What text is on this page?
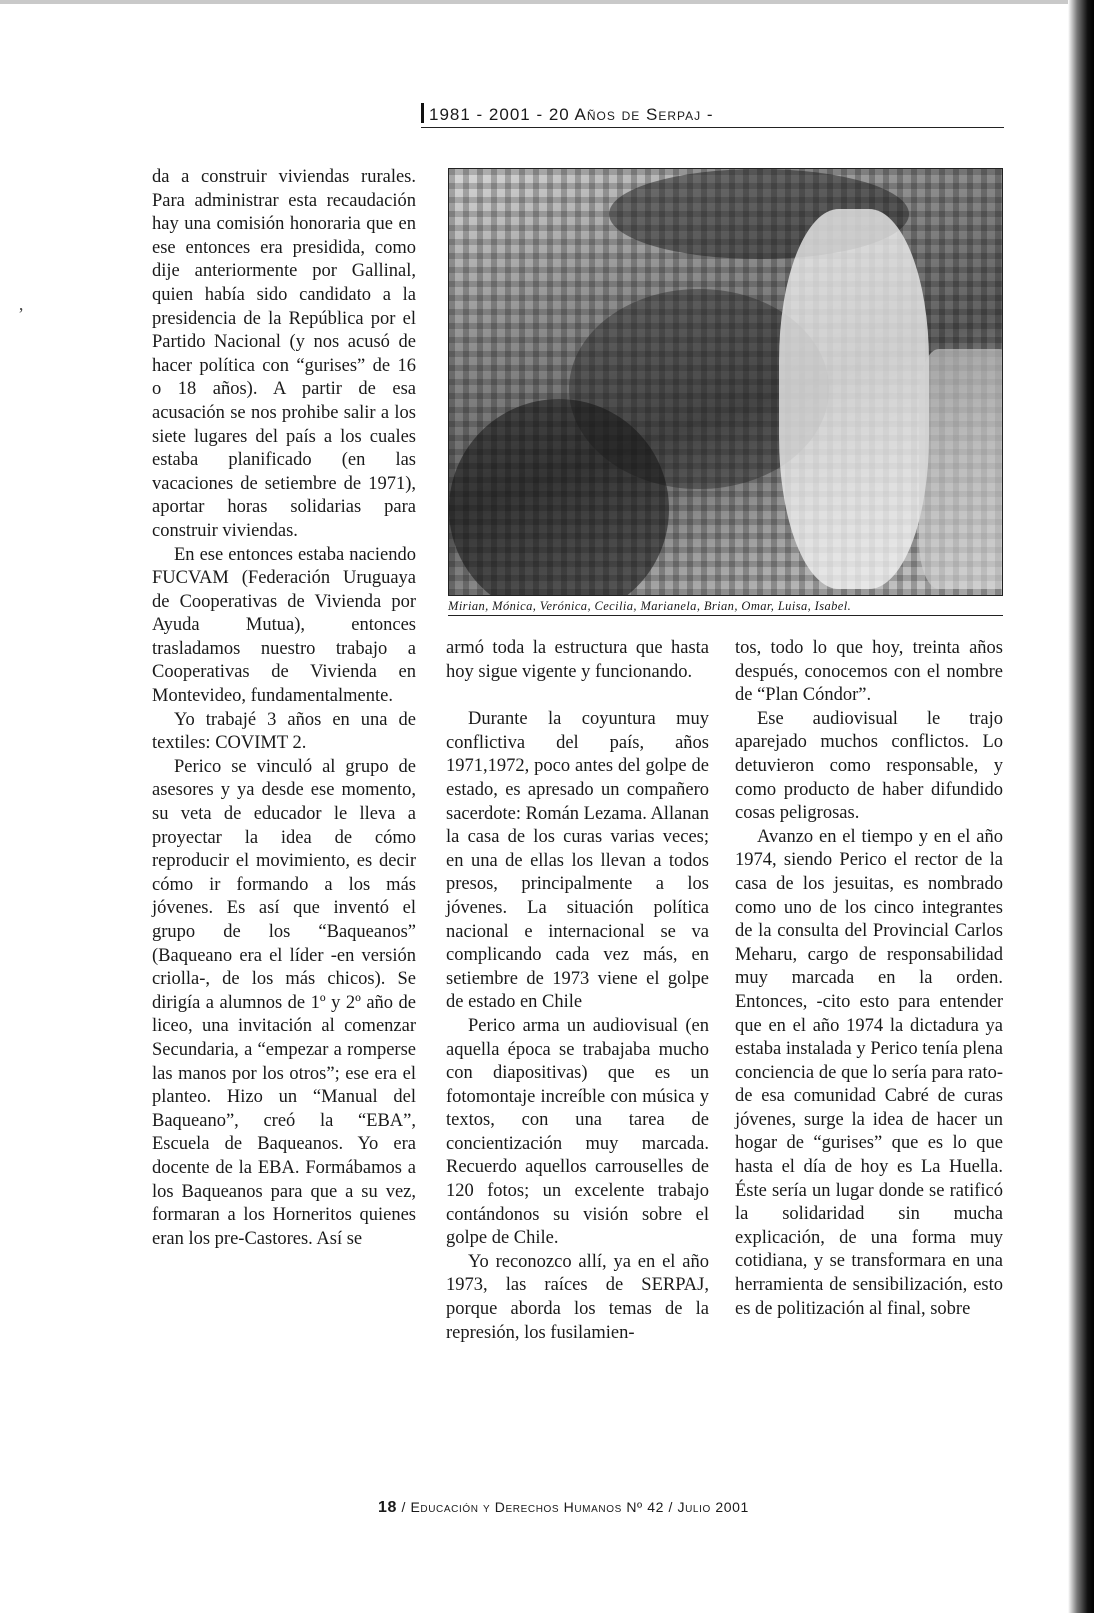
ʼ
1981 - 2001 - 20 Años de Serpaj -

da a construir viviendas rurales. Para administrar esta recaudación hay una comisión honoraria que en ese entonces era presidida, como dije anteriormente por Gallinal, quien había sido candidato a la presidencia de la República por el Partido Nacional (y nos acusó de hacer política con “gurises” de 16 o 18 años). A partir de esa acusación se nos prohibe salir a los siete lugares del país a los cuales estaba planificado (en las vacaciones de setiembre de 1971), aportar horas solidarias para construir viviendas.

En ese entonces estaba naciendo FUCVAM (Federación Uruguaya de Cooperativas de Vivienda por Ayuda Mutua), entonces trasladamos nuestro trabajo a Cooperativas de Vivienda en Montevideo, fundamentalmente.

Yo trabajé 3 años en una de textiles: COVIMT 2.

Perico se vinculó al grupo de asesores y ya desde ese momento, su veta de educador le lleva a proyectar la idea de cómo reproducir el movimiento, es decir cómo ir formando a los más jóvenes. Es así que inventó el grupo de los “Baqueanos” (Baqueano era el líder -en versión criolla-, de los más chicos). Se dirigía a alumnos de 1º y 2º año de liceo, una invitación al comenzar Secundaria, a “empezar a romperse las manos por los otros”; ese era el planteo. Hizo un “Manual del Baqueano”, creó la “EBA”, Escuela de Baqueanos. Yo era docente de la EBA. Formábamos a los Baqueanos para que a su vez, formaran a los Horneritos quienes eran los pre-Castores. Así se

Mirian, Mónica, Verónica, Cecilia, Marianela, Brian, Omar, Luisa, Isabel.

armó toda la estructura que hasta hoy sigue vigente y funcionando.

Durante la coyuntura muy conflictiva del país, años 1971,1972, poco antes del golpe de estado, es apresado un compañero sacerdote: Román Lezama. Allanan la casa de los curas varias veces; en una de ellas los llevan a todos presos, principalmente a los jóvenes. La situación política nacional e internacional se va complicando cada vez más, en setiembre de 1973 viene el golpe de estado en Chile

Perico arma un audiovisual (en aquella época se trabajaba mucho con diapositivas) que es un fotomontaje increíble con música y textos, con una tarea de concientización muy marcada. Recuerdo aquellos carrouselles de 120 fotos; un excelente trabajo contándonos su visión sobre el golpe de Chile.

Yo reconozco allí, ya en el año 1973, las raíces de SERPAJ, porque aborda los temas de la represión, los fusilamien-

tos, todo lo que hoy, treinta años después, conocemos con el nombre de “Plan Cóndor”.

Ese audiovisual le trajo aparejado muchos conflictos. Lo detuvieron como responsable, y como producto de haber difundido cosas peligrosas.

Avanzo en el tiempo y en el año 1974, siendo Perico el rector de la casa de los jesuitas, es nombrado como uno de los cinco integrantes de la consulta del Provincial Carlos Meharu, cargo de responsabilidad muy marcada en la orden. Entonces, -cito esto para entender que en el año 1974 la dictadura ya estaba instalada y Perico tenía plena conciencia de que lo sería para rato- de esa comunidad Cabré de curas jóvenes, surge la idea de hacer un hogar de “gurises” que es lo que hasta el día de hoy es La Huella. Éste sería un lugar donde se ratificó la solidaridad sin mucha explicación, de una forma muy cotidiana, y se transformara en una herramienta de sensibilización, esto es de politización al final, sobre

18 / Educación y Derechos Humanos Nº 42 / Julio 2001
